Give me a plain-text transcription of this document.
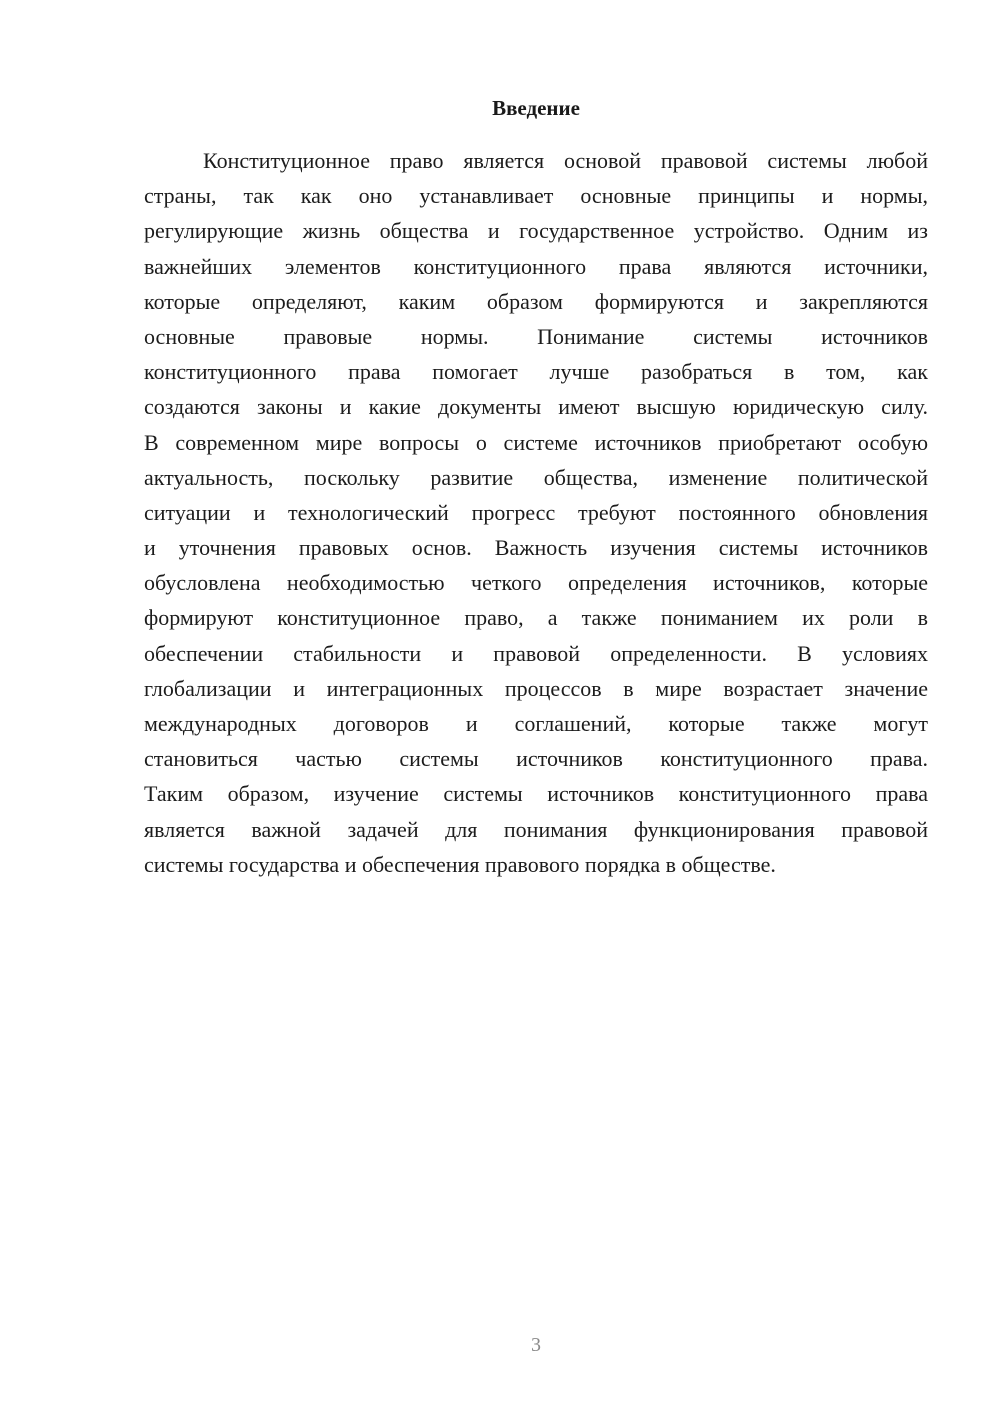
Введение
Конституционное право является основой правовой системы любой
страны, так как оно устанавливает основные принципы и нормы,
регулирующие жизнь общества и государственное устройство. Одним из
важнейших элементов конституционного права являются источники,
которые определяют, каким образом формируются и закрепляются
основные правовые нормы. Понимание системы источников
конституционного права помогает лучше разобраться в том, как
создаются законы и какие документы имеют высшую юридическую силу.
В современном мире вопросы о системе источников приобретают особую
актуальность, поскольку развитие общества, изменение политической
ситуации и технологический прогресс требуют постоянного обновления
и уточнения правовых основ. Важность изучения системы источников
обусловлена необходимостью четкого определения источников, которые
формируют конституционное право, а также пониманием их роли в
обеспечении стабильности и правовой определенности. В условиях
глобализации и интеграционных процессов в мире возрастает значение
международных договоров и соглашений, которые также могут
становиться частью системы источников конституционного права.
Таким образом, изучение системы источников конституционного права
является важной задачей для понимания функционирования правовой
системы государства и обеспечения правового порядка в обществе.
3
